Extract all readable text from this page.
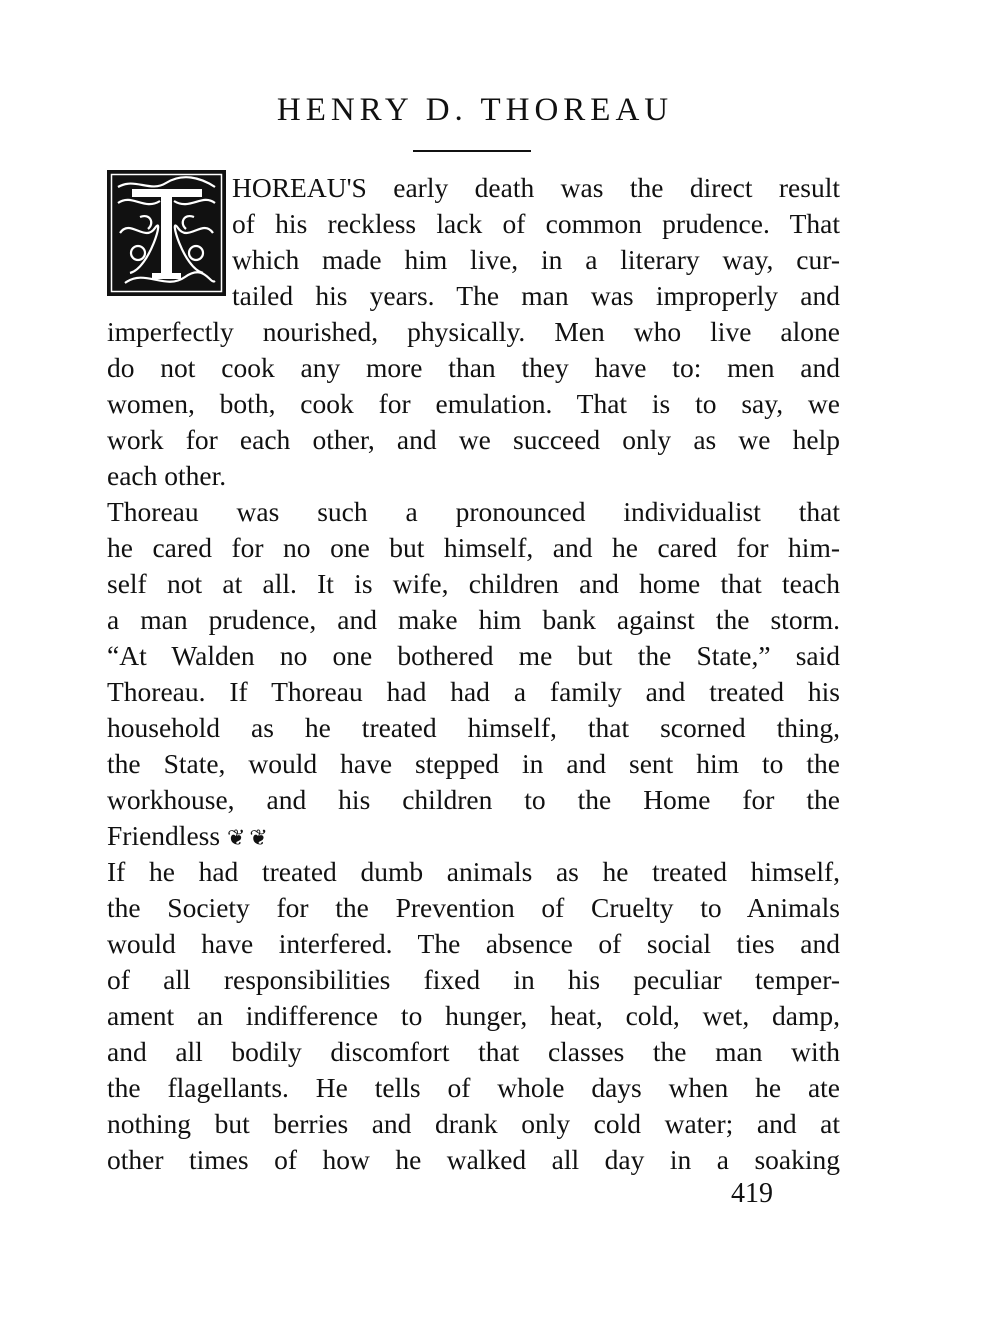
HENRY D. THOREAU
HOREAU'S early death was the direct result
of his reckless lack of common prudence. That
which made him live, in a literary way, cur-
tailed his years. The man was improperly and
imperfectly nourished, physically. Men who live alone
do not cook any more than they have to: men and
women, both, cook for emulation. That is to say, we
work for each other, and we succeed only as we help
each other.
Thoreau was such a pronounced individualist that
he cared for no one but himself, and he cared for him-
self not at all. It is wife, children and home that teach
a man prudence, and make him bank against the storm.
“At Walden no one bothered me but the State,” said
Thoreau. If Thoreau had had a family and treated his
household as he treated himself, that scorned thing,
the State, would have stepped in and sent him to the
workhouse, and his children to the Home for the
Friendless ❦❦
If he had treated dumb animals as he treated himself,
the Society for the Prevention of Cruelty to Animals
would have interfered. The absence of social ties and
of all responsibilities fixed in his peculiar temper-
ament an indifference to hunger, heat, cold, wet, damp,
and all bodily discomfort that classes the man with
the flagellants. He tells of whole days when he ate
nothing but berries and drank only cold water; and at
other times of how he walked all day in a soaking
419
